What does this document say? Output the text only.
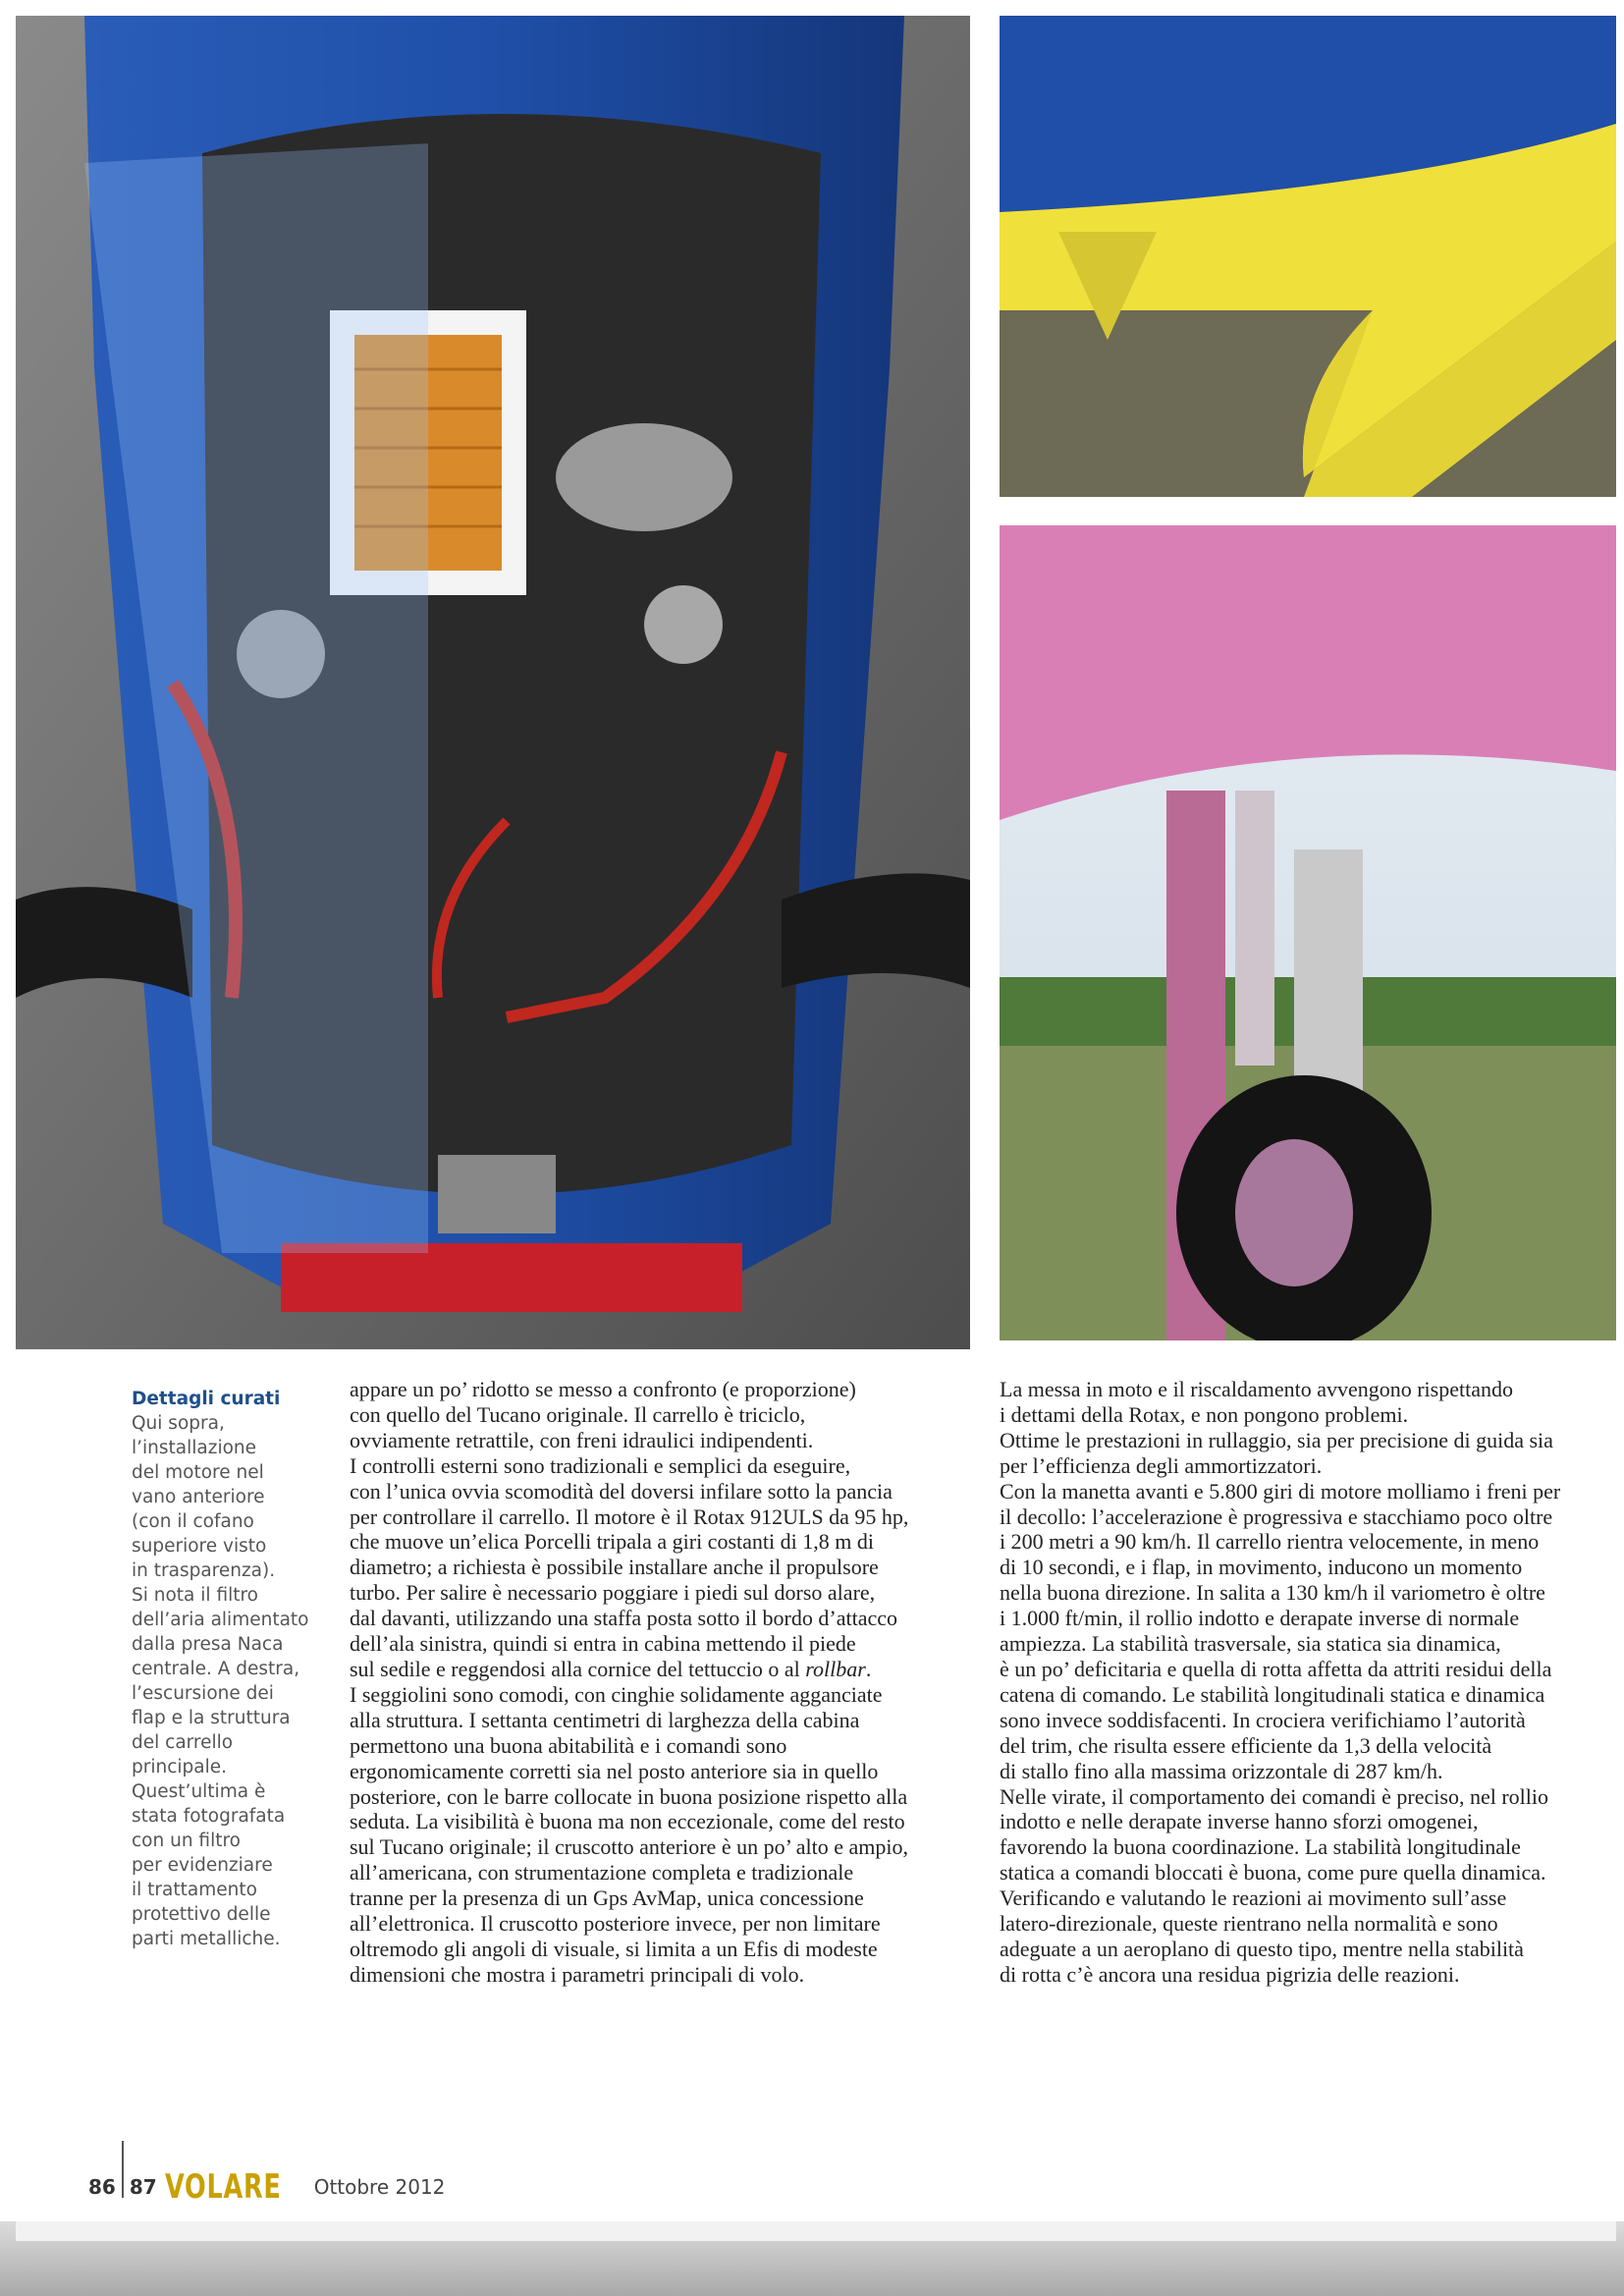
Dettagli curati
Qui sopra,
l’installazione
del motore nel
vano anteriore
(con il cofano
superiore visto
in trasparenza).
Si nota il filtro
dell’aria alimentato
dalla presa Naca
centrale. A destra,
l’escursione dei
flap e la struttura
del carrello
principale.
Quest’ultima è
stata fotografata
con un filtro
per evidenziare
il trattamento
protettivo delle
parti metalliche.

appare un po’ ridotto se messo a confronto (e proporzione)

con quello del Tucano originale. Il carrello è triciclo,

ovviamente retrattile, con freni idraulici indipendenti.

I controlli esterni sono tradizionali e semplici da eseguire,

con l’unica ovvia scomodità del doversi infilare sotto la pancia

per controllare il carrello. Il motore è il Rotax 912ULS da 95 hp,

che muove un’elica Porcelli tripala a giri costanti di 1,8 m di

diametro; a richiesta è possibile installare anche il propulsore

turbo. Per salire è necessario poggiare i piedi sul dorso alare,

dal davanti, utilizzando una staffa posta sotto il bordo d’attacco

dell’ala sinistra, quindi si entra in cabina mettendo il piede

sul sedile e reggendosi alla cornice del tettuccio o al rollbar.

I seggiolini sono comodi, con cinghie solidamente agganciate

alla struttura. I settanta centimetri di larghezza della cabina

permettono una buona abitabilità e i comandi sono

ergonomicamente corretti sia nel posto anteriore sia in quello

posteriore, con le barre collocate in buona posizione rispetto alla

seduta. La visibilità è buona ma non eccezionale, come del resto

sul Tucano originale; il cruscotto anteriore è un po’ alto e ampio,

all’americana, con strumentazione completa e tradizionale

tranne per la presenza di un Gps AvMap, unica concessione

all’elettronica. Il cruscotto posteriore invece, per non limitare

oltremodo gli angoli di visuale, si limita a un Efis di modeste

dimensioni che mostra i parametri principali di volo.

La messa in moto e il riscaldamento avvengono rispettando

i dettami della Rotax, e non pongono problemi.

Ottime le prestazioni in rullaggio, sia per precisione di guida sia

per l’efficienza degli ammortizzatori.

Con la manetta avanti e 5.800 giri di motore molliamo i freni per

il decollo: l’accelerazione è progressiva e stacchiamo poco oltre

i 200 metri a 90 km/h. Il carrello rientra velocemente, in meno

di 10 secondi, e i flap, in movimento, inducono un momento

nella buona direzione. In salita a 130 km/h il variometro è oltre

i 1.000 ft/min, il rollio indotto e derapate inverse di normale

ampiezza. La stabilità trasversale, sia statica sia dinamica,

è un po’ deficitaria e quella di rotta affetta da attriti residui della

catena di comando. Le stabilità longitudinali statica e dinamica

sono invece soddisfacenti. In crociera verifichiamo l’autorità

del trim, che risulta essere efficiente da 1,3 della velocità

di stallo fino alla massima orizzontale di 287 km/h.

Nelle virate, il comportamento dei comandi è preciso, nel rollio

indotto e nelle derapate inverse hanno sforzi omogenei,

favorendo la buona coordinazione. La stabilità longitudinale

statica a comandi bloccati è buona, come pure quella dinamica.

Verificando e valutando le reazioni ai movimento sull’asse

latero-direzionale, queste rientrano nella normalità e sono

adeguate a un aeroplano di questo tipo, mentre nella stabilità

di rotta c’è ancora una residua pigrizia delle reazioni.

86 87 VOLARE Ottobre 2012
